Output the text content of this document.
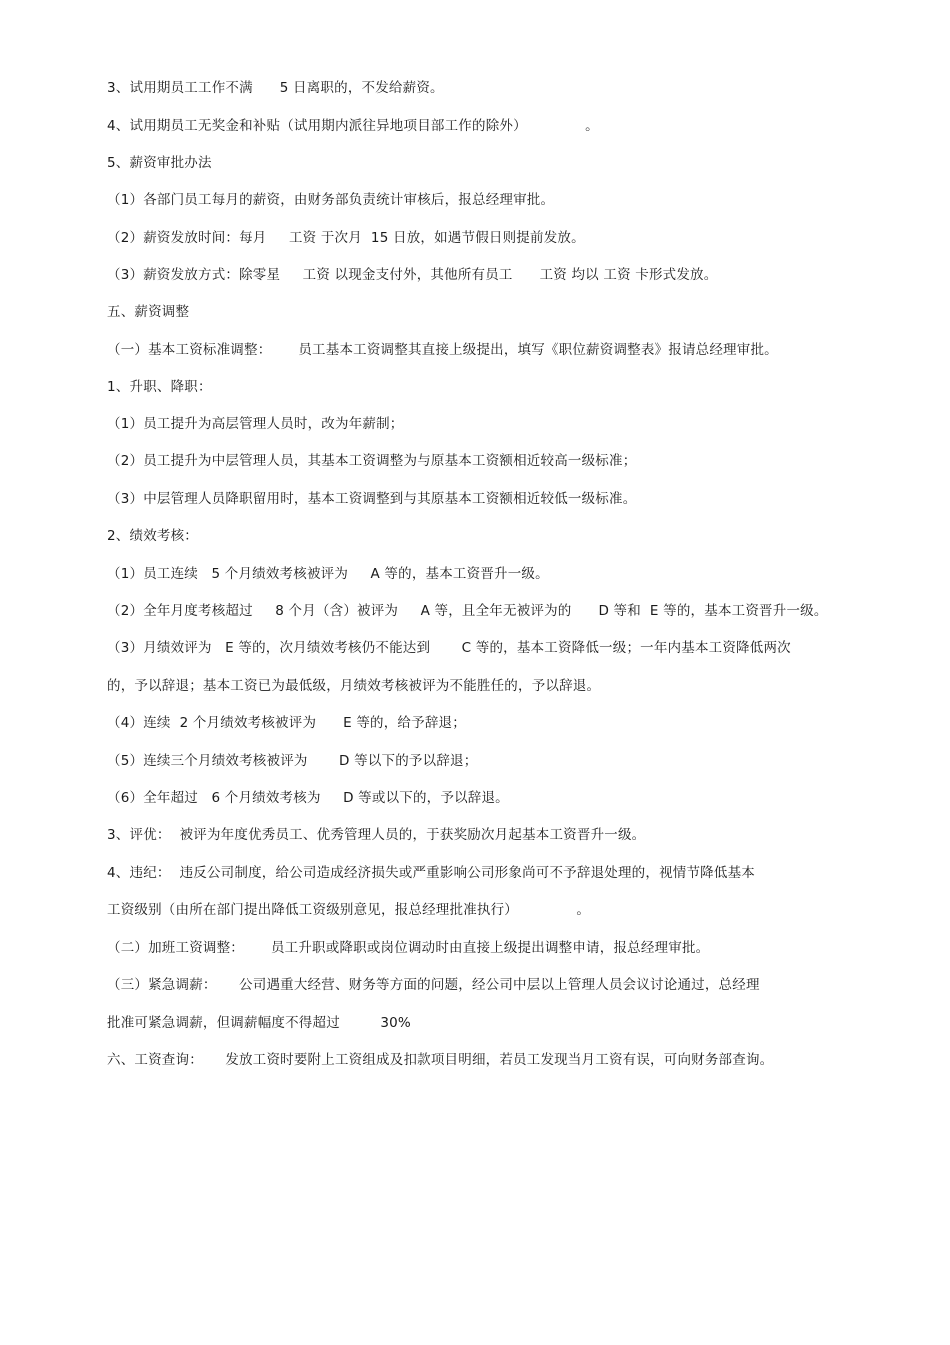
3、试用期员工工作不满      5 日离职的，不发给薪资。
4、试用期员工无奖金和补贴（试用期内派往异地项目部工作的除外）             。
5、薪资审批办法
（1）各部门员工每月的薪资，由财务部负责统计审核后，报总经理审批。
（2）薪资发放时间：每月     工资 于次月  15 日放，如遇节假日则提前发放。
（3）薪资发放方式：除零星     工资 以现金支付外，其他所有员工      工资 均以 工资 卡形式发放。
五、薪资调整
（一）基本工资标准调整：      员工基本工资调整其直接上级提出，填写《职位薪资调整表》报请总经理审批。
1、升职、降职：
（1）员工提升为高层管理人员时，改为年薪制；
（2）员工提升为中层管理人员，其基本工资调整为与原基本工资额相近较高一级标准；
（3）中层管理人员降职留用时，基本工资调整到与其原基本工资额相近较低一级标准。
2、绩效考核：
（1）员工连续   5 个月绩效考核被评为     A 等的，基本工资晋升一级。
（2）全年月度考核超过     8 个月（含）被评为     A 等，且全年无被评为的      D 等和  E 等的，基本工资晋升一级。
（3）月绩效评为   E 等的，次月绩效考核仍不能达到       C 等的，基本工资降低一级；一年内基本工资降低两次
的，予以辞退；基本工资已为最低级，月绩效考核被评为不能胜任的，予以辞退。
（4）连续  2 个月绩效考核被评为      E 等的，给予辞退；
（5）连续三个月绩效考核被评为       D 等以下的予以辞退；
（6）全年超过   6 个月绩效考核为     D 等或以下的，予以辞退。
3、评优：  被评为年度优秀员工、优秀管理人员的，于获奖励次月起基本工资晋升一级。
4、违纪：  违反公司制度，给公司造成经济损失或严重影响公司形象尚可不予辞退处理的，视情节降低基本
工资级别（由所在部门提出降低工资级别意见，报总经理批准执行）             。
（二）加班工资调整：      员工升职或降职或岗位调动时由直接上级提出调整申请，报总经理审批。
（三）紧急调薪：     公司遇重大经营、财务等方面的问题，经公司中层以上管理人员会议讨论通过，总经理
批准可紧急调薪，但调薪幅度不得超过         30%
六、工资查询：     发放工资时要附上工资组成及扣款项目明细，若员工发现当月工资有误，可向财务部查询。
